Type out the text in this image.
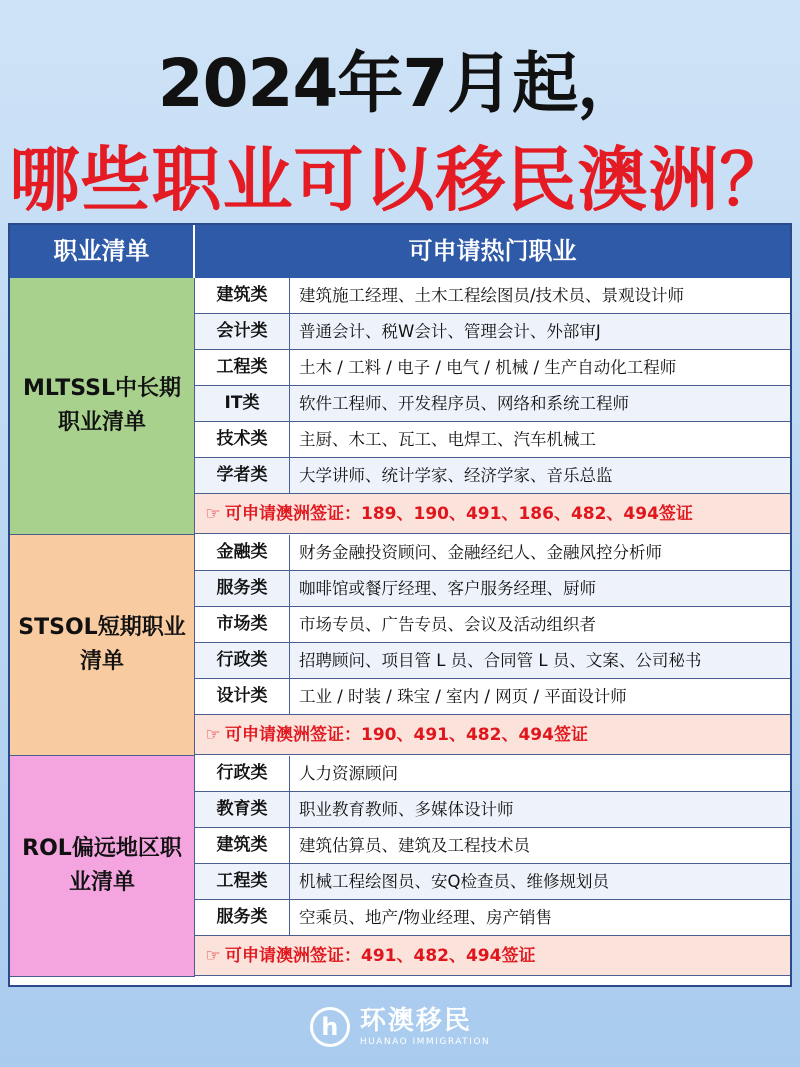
2024年7月起，
哪些职业可以移民澳洲？
职业清单	可申请热门职业
MLTSSL中长期职业清单
建筑类	建筑施工经理、土木工程绘图员/技术员、景观设计师
会计类	普通会计、税W会计、管理会计、外部审J
工程类	土木 / 工料 / 电子 / 电气 / 机械 / 生产自动化工程师
IT类	软件工程师、开发程序员、网络和系统工程师
技术类	主厨、木工、瓦工、电焊工、汽车机械工
学者类	大学讲师、统计学家、经济学家、音乐总监
☞ 可申请澳洲签证：189、190、491、186、482、494签证
STSOL短期职业清单
金融类	财务金融投资顾问、金融经纪人、金融风控分析师
服务类	咖啡馆或餐厅经理、客户服务经理、厨师
市场类	市场专员、广告专员、会议及活动组织者
行政类	招聘顾问、项目管 L 员、合同管 L 员、文案、公司秘书
设计类	工业 / 时装 / 珠宝 / 室内 / 网页 / 平面设计师
☞ 可申请澳洲签证：190、491、482、494签证
ROL偏远地区职业清单
行政类	人力资源顾问
教育类	职业教育教师、多媒体设计师
建筑类	建筑估算员、建筑及工程技术员
工程类	机械工程绘图员、安Q检查员、维修规划员
服务类	空乘员、地产/物业经理、房产销售
☞ 可申请澳洲签证：491、482、494签证
h 环澳移民
HUANAO IMMIGRATION
